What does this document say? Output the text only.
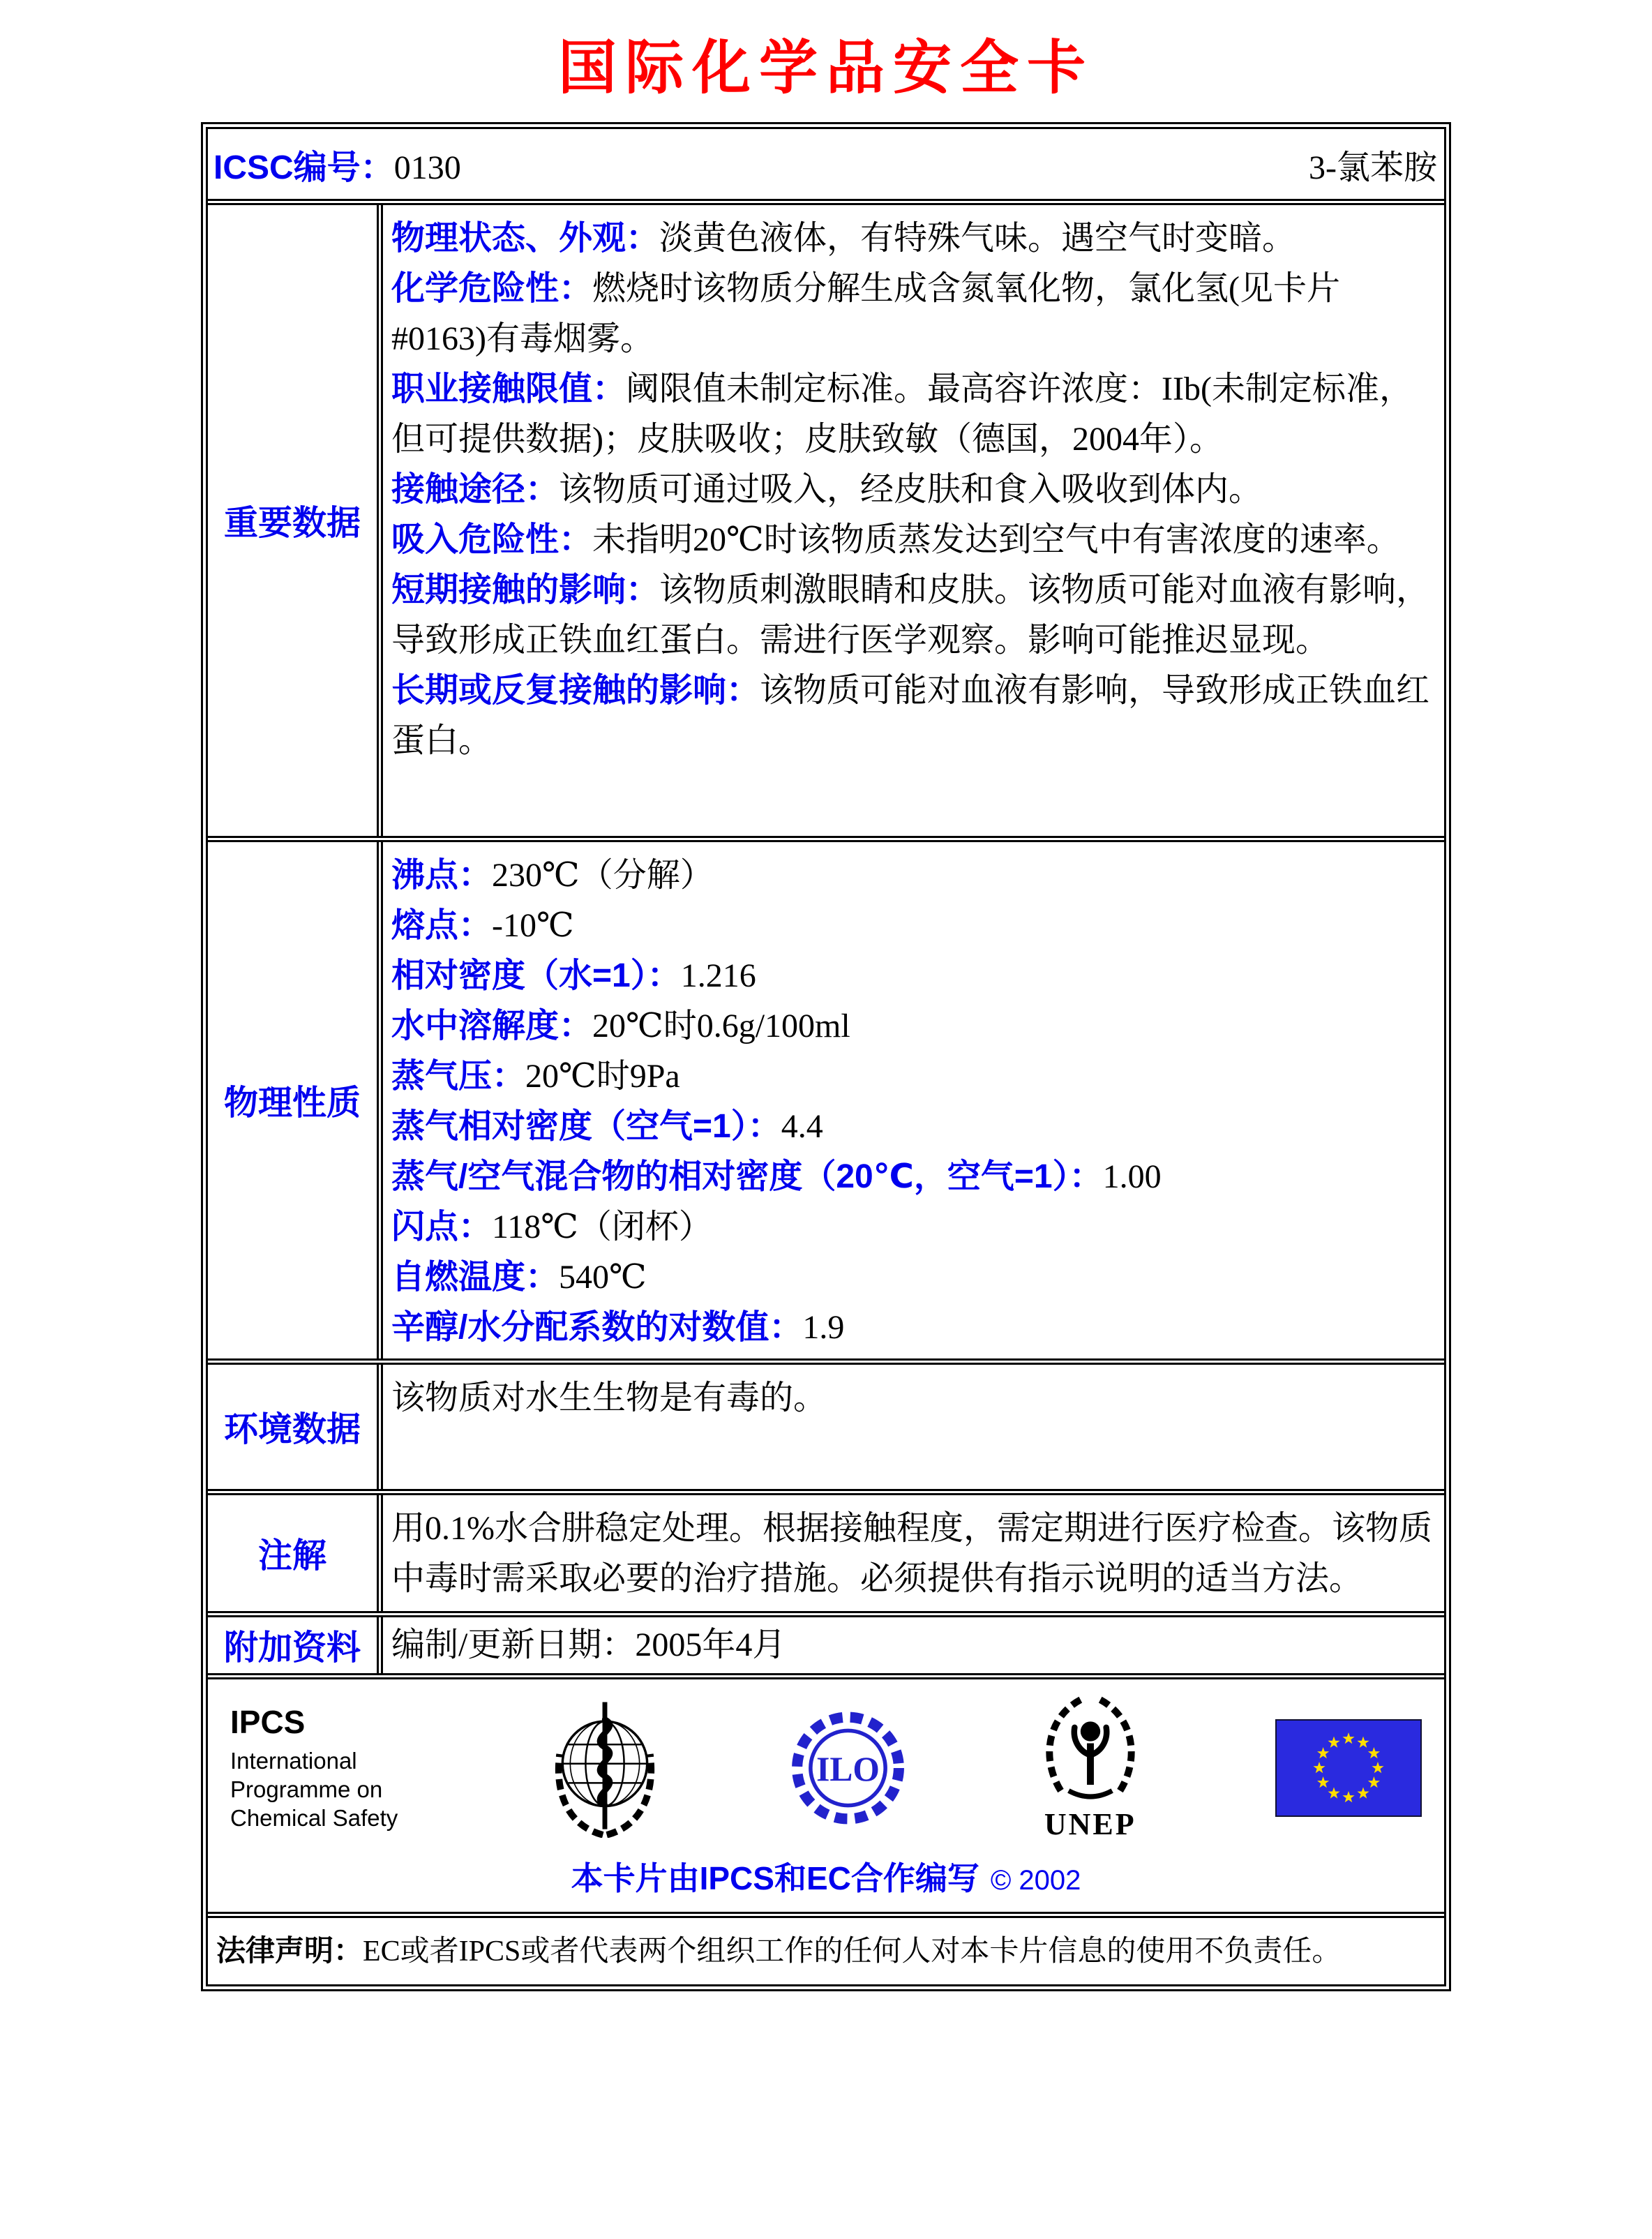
国际化学品安全卡
ICSC编号：0130	3-氯苯胺
重要数据

物理状态、外观：淡黄色液体，有特殊气味。遇空气时变暗。

化学危险性：燃烧时该物质分解生成含氮氧化物，氯化氢(见卡片#0163)有毒烟雾。

职业接触限值：阈限值未制定标准。最高容许浓度：IIb(未制定标准，但可提供数据)；皮肤吸收；皮肤致敏（德国，2004年）。

接触途径：该物质可通过吸入，经皮肤和食入吸收到体内。

吸入危险性：未指明20℃时该物质蒸发达到空气中有害浓度的速率。

短期接触的影响：该物质刺激眼睛和皮肤。该物质可能对血液有影响，导致形成正铁血红蛋白。需进行医学观察。影响可能推迟显现。

长期或反复接触的影响：该物质可能对血液有影响，导致形成正铁血红蛋白。

物理性质

沸点：230℃（分解）

熔点：-10℃

相对密度（水=1）：1.216

水中溶解度：20℃时0.6g/100ml

蒸气压：20℃时9Pa

蒸气相对密度（空气=1）：4.4

蒸气/空气混合物的相对密度（20℃，空气=1）：1.00

闪点：118℃（闭杯）

自燃温度：540℃

辛醇/水分配系数的对数值：1.9

环境数据

该物质对水生生物是有毒的。

注解

用0.1%水合肼稳定处理。根据接触程度，需定期进行医疗检查。该物质中毒时需采取必要的治疗措施。必须提供有指示说明的适当方法。

附加资料 编制/更新日期：2005年4月

IPCS
International
Programme on
Chemical Safety
ILO
UNEP
本卡片由IPCS和EC合作编写 © 2002
法律声明：EC或者IPCS或者代表两个组织工作的任何人对本卡片信息的使用不负责任。
